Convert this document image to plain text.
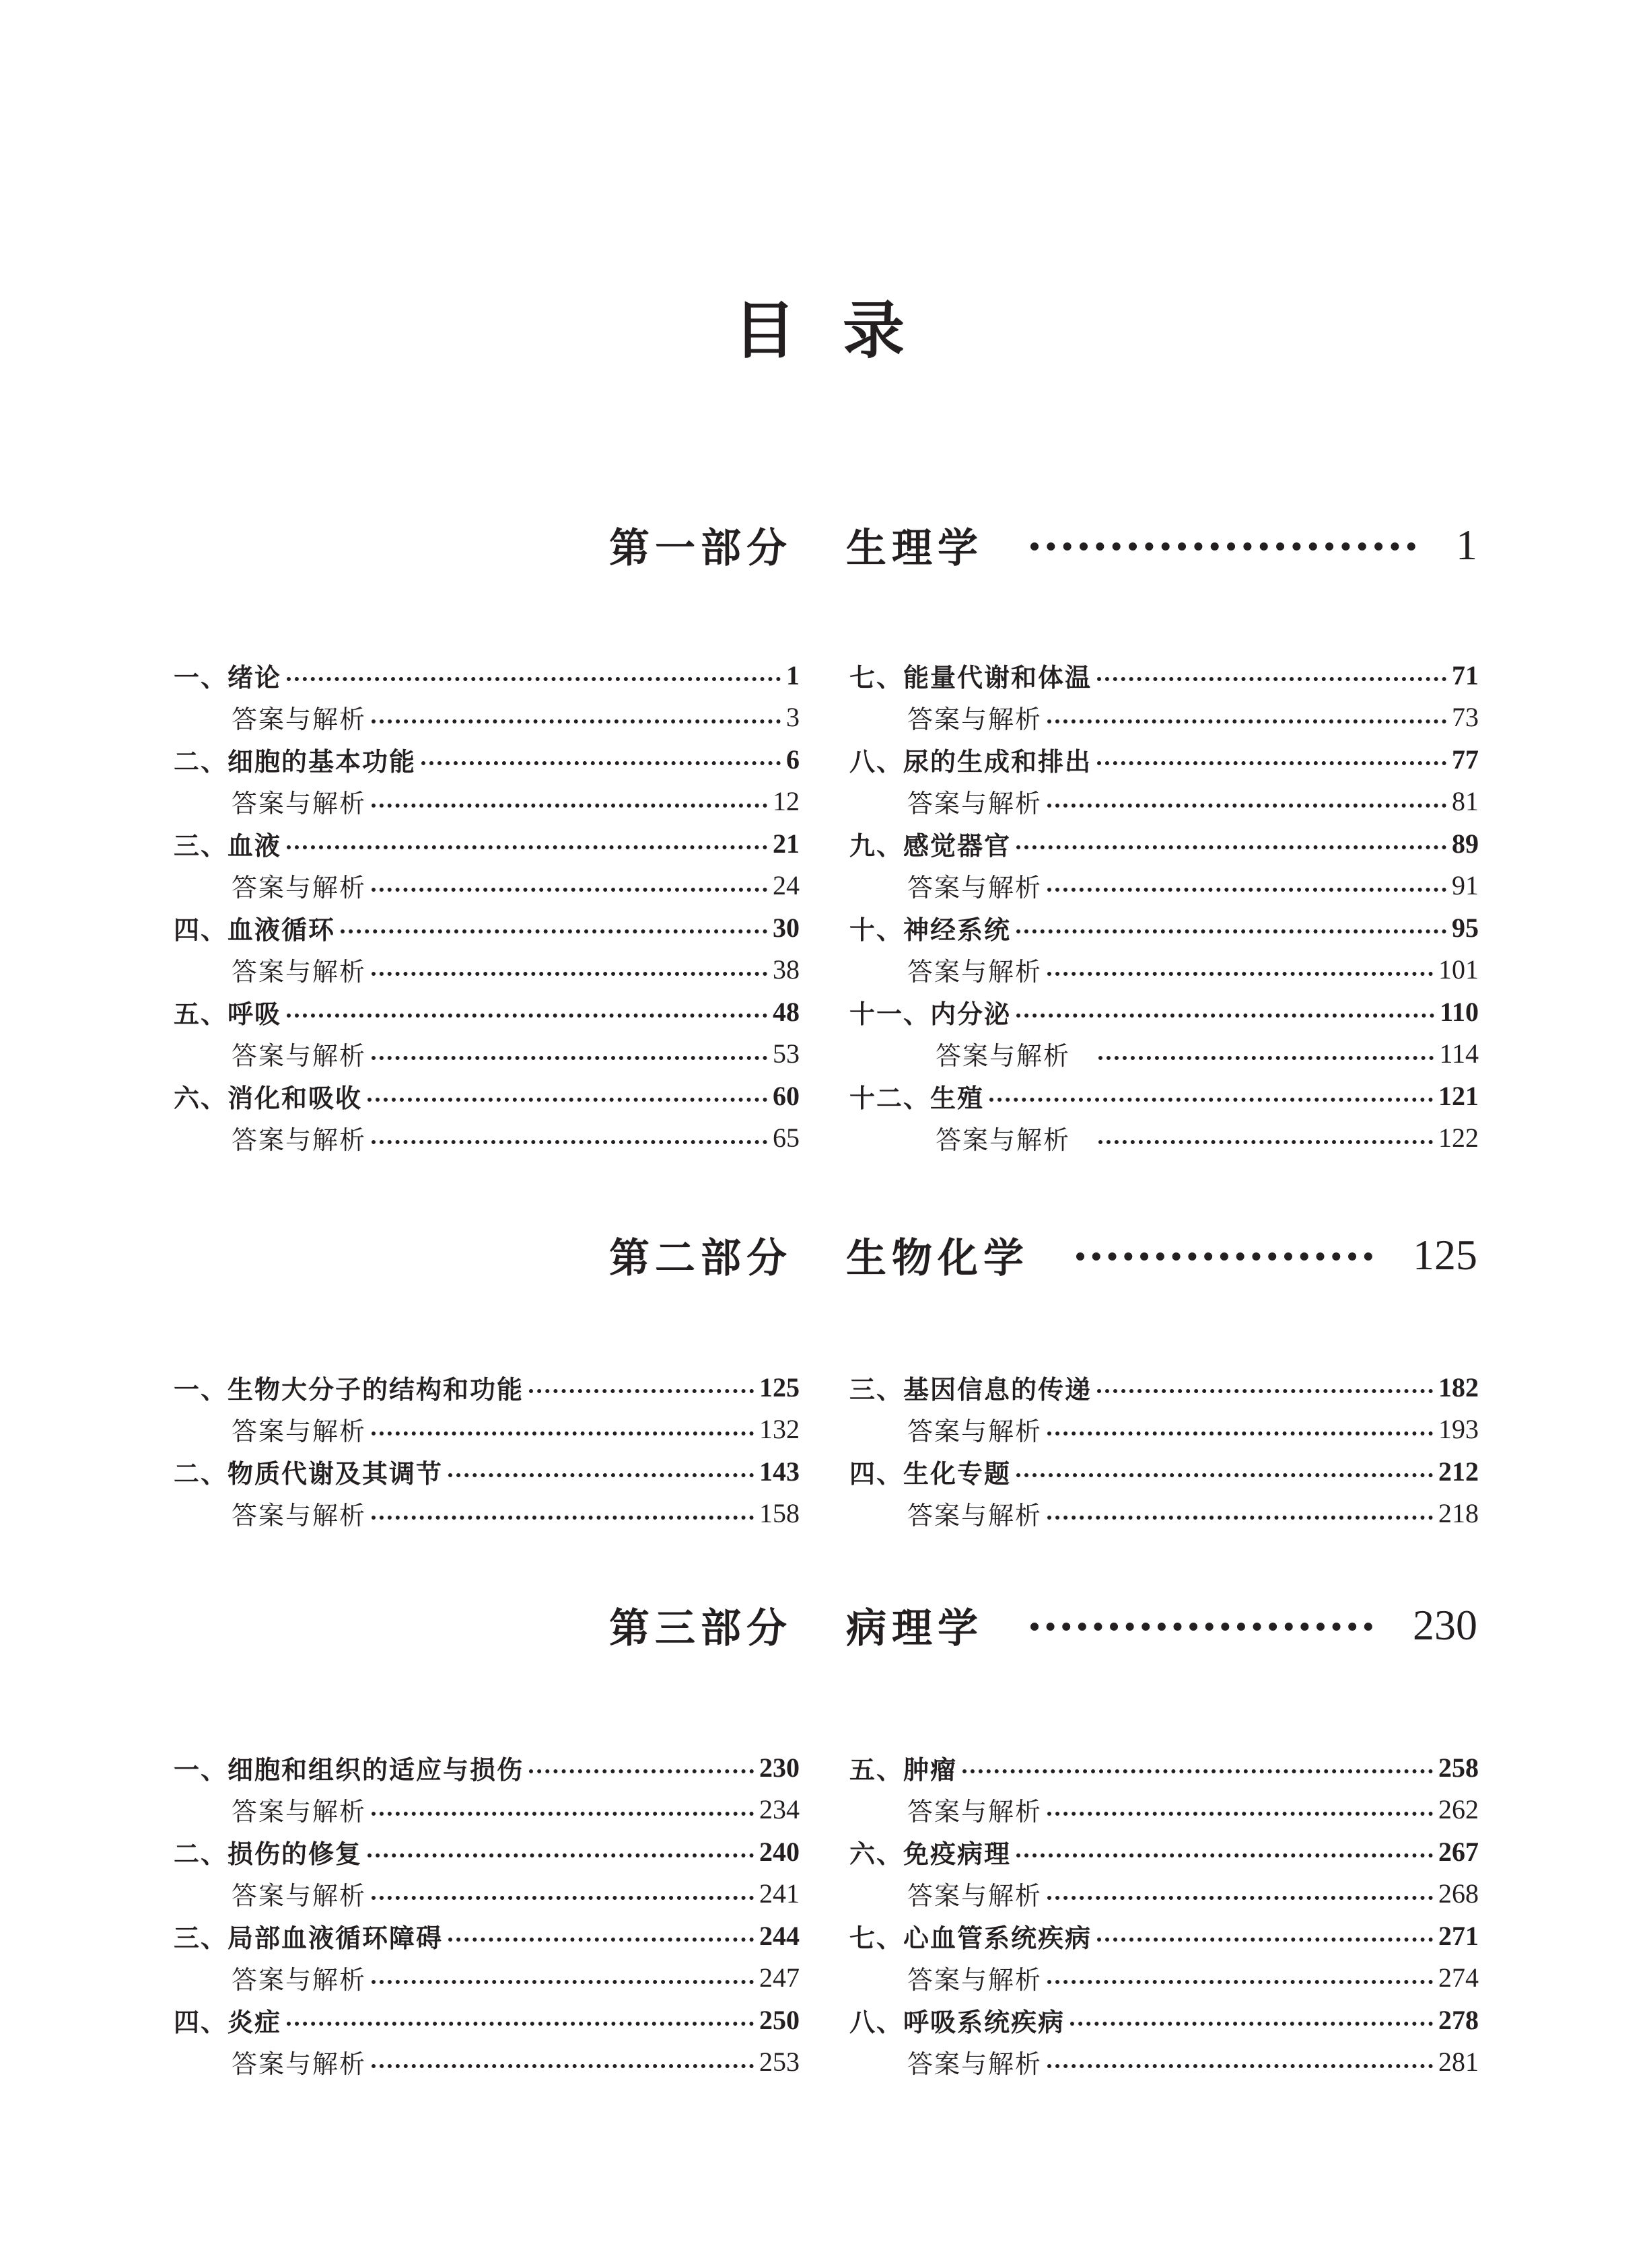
目录
第一部分 生理学	1
一、绪论	1
答案与解析	3
二、细胞的基本功能	6
答案与解析	12
三、血液	21
答案与解析	24
四、血液循环	30
答案与解析	38
五、呼吸	48
答案与解析	53
六、消化和吸收	60
答案与解析	65
七、能量代谢和体温	71
答案与解析	73
八、尿的生成和排出	77
答案与解析	81
九、感觉器官	89
答案与解析	91
十、神经系统	95
答案与解析	101
十一、内分泌	110
答案与解析	114
十二、生殖	121
答案与解析	122
第二部分 生物化学	125
一、生物大分子的结构和功能	125
答案与解析	132
二、物质代谢及其调节	143
答案与解析	158
三、基因信息的传递	182
答案与解析	193
四、生化专题	212
答案与解析	218
第三部分 病理学	230
一、细胞和组织的适应与损伤	230
答案与解析	234
二、损伤的修复	240
答案与解析	241
三、局部血液循环障碍	244
答案与解析	247
四、炎症	250
答案与解析	253
五、肿瘤	258
答案与解析	262
六、免疫病理	267
答案与解析	268
七、心血管系统疾病	271
答案与解析	274
八、呼吸系统疾病	278
答案与解析	281
